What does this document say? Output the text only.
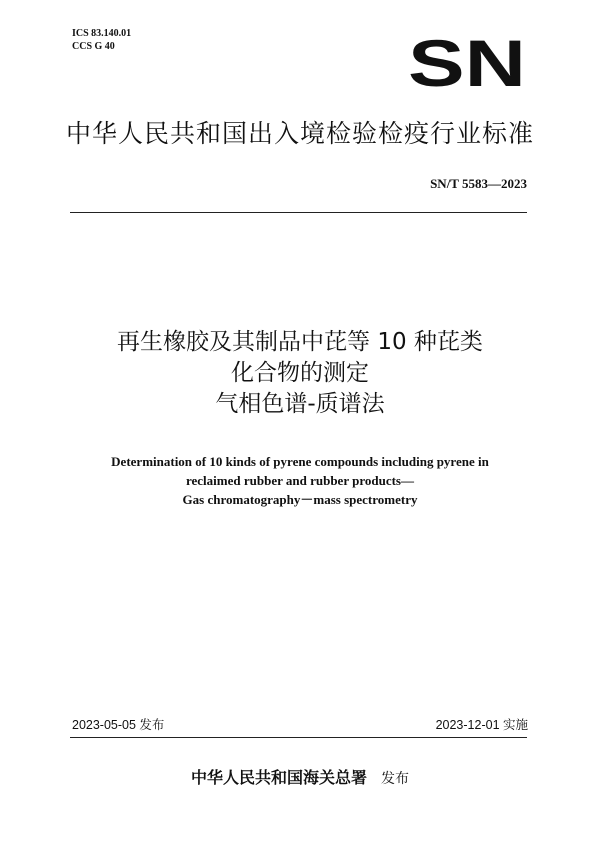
ICS 83.140.01
CCS G 40	SN
中华人民共和国出入境检验检疫行业标准
SN/T 5583—2023
再生橡胶及其制品中芘等 10 种芘类
化合物的测定
气相色谱-质谱法
Determination of 10 kinds of pyrene compounds including pyrene in
reclaimed rubber and rubber products—
Gas chromatography－mass spectrometry
2023-05-05 发布	2023-12-01 实施
中华人民共和国海关总署 发布
